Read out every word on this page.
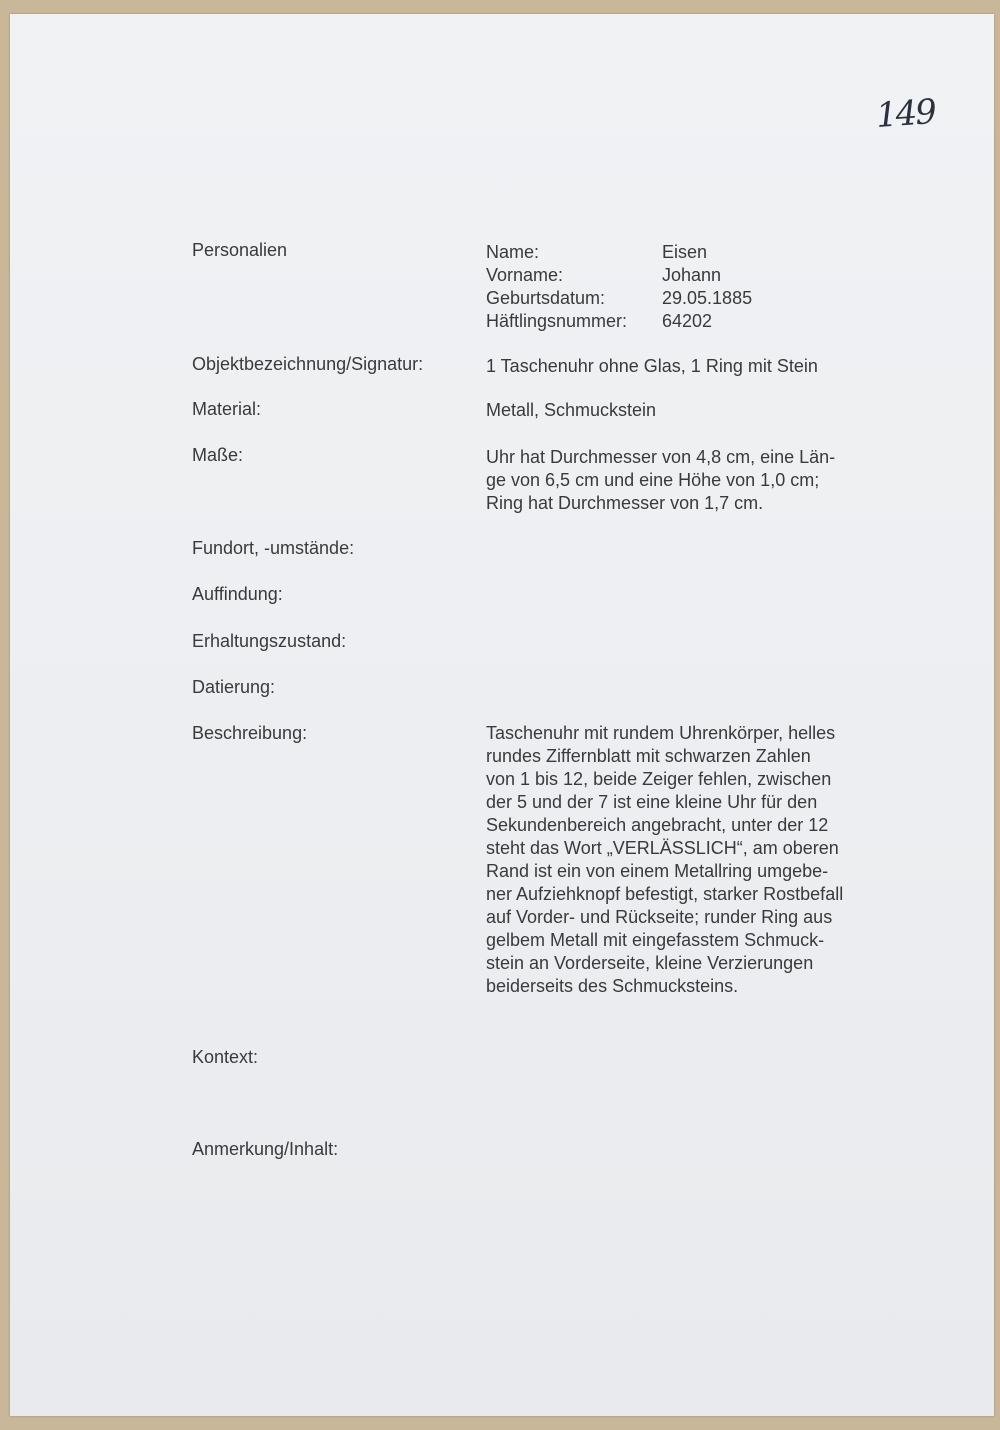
149
Personalien	Name:	Eisen
Vorname:	Johann
Geburtsdatum:	29.05.1885
Häftlingsnummer:	64202
Objektbezeichnung/Signatur:	1 Taschenuhr ohne Glas, 1 Ring mit Stein
Material:	Metall, Schmuckstein
Maße:	Uhr hat Durchmesser von 4,8 cm, eine Län-
ge von 6,5 cm und eine Höhe von 1,0 cm;
Ring hat Durchmesser von 1,7 cm.
Fundort, -umstände:
Auffindung:
Erhaltungszustand:
Datierung:
Beschreibung:	Taschenuhr mit rundem Uhrenkörper, helles
rundes Ziffernblatt mit schwarzen Zahlen
von 1 bis 12, beide Zeiger fehlen, zwischen
der 5 und der 7 ist eine kleine Uhr für den
Sekundenbereich angebracht, unter der 12
steht das Wort „VERLÄSSLICH“, am oberen
Rand ist ein von einem Metallring umgebe-
ner Aufziehknopf befestigt, starker Rostbefall
auf Vorder- und Rückseite; runder Ring aus
gelbem Metall mit eingefasstem Schmuck-
stein an Vorderseite, kleine Verzierungen
beiderseits des Schmucksteins.
Kontext:
Anmerkung/Inhalt:
